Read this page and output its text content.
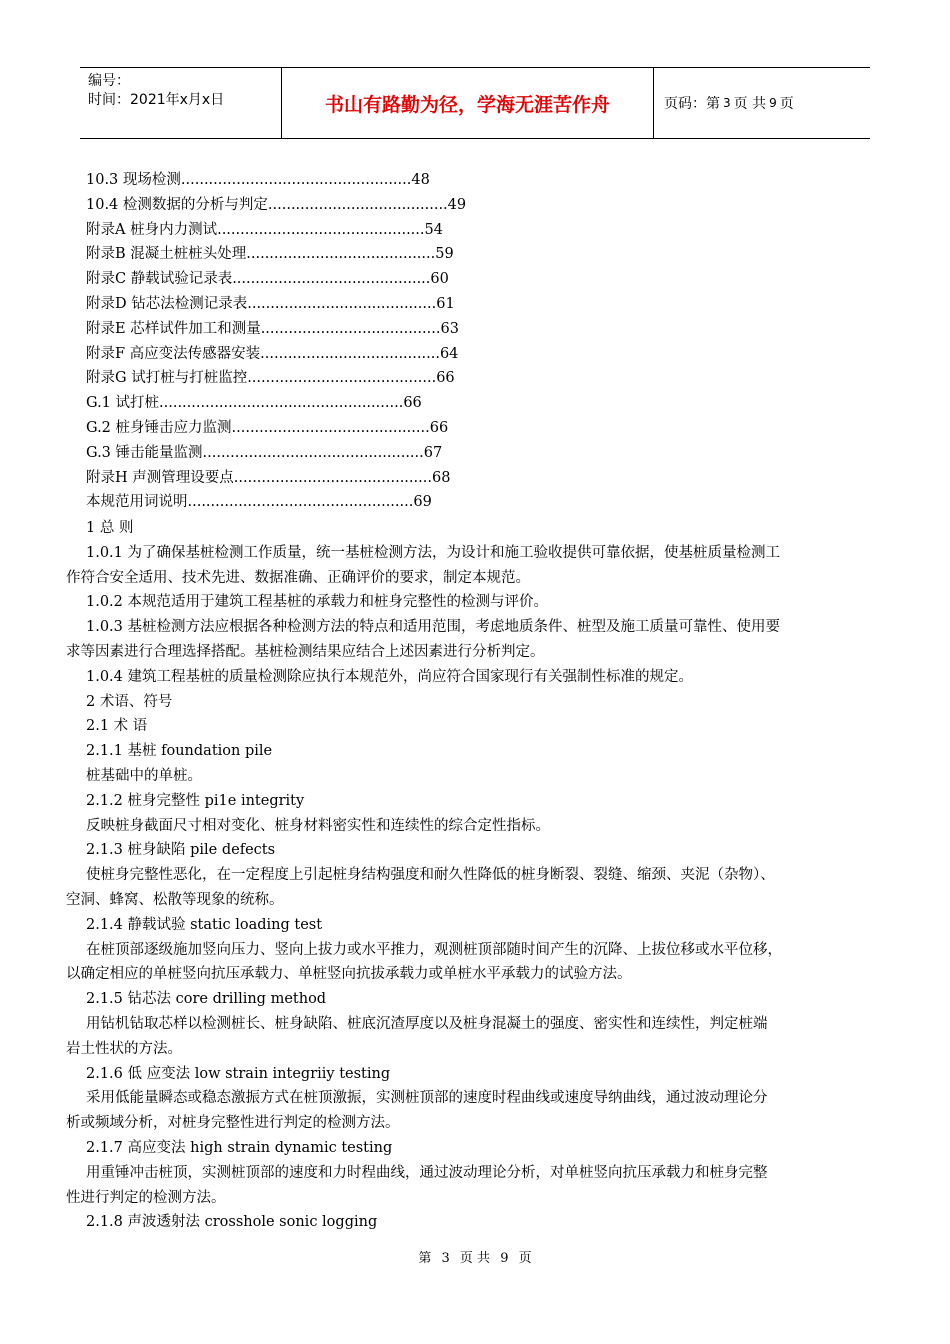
编号：
时间：2021年x月x日	书山有路勤为径，学海无涯苦作舟	页码：第 3 页 共 9 页
10.3 现场检测..................................................48
10.4 检测数据的分析与判定.......................................49
附录A 桩身内力测试.............................................54
附录B 混凝土桩桩头处理.........................................59
附录C 静载试验记录表...........................................60
附录D 钻芯法检测记录表.........................................61
附录E 芯样试件加工和测量.......................................63
附录F 高应变法传感器安装.......................................64
附录G 试打桩与打桩监控.........................................66
G.1 试打桩.....................................................66
G.2 桩身锤击应力监测...........................................66
G.3 锤击能量监测................................................67
附录H 声测管理设要点...........................................68
本规范用词说明.................................................69
1 总 则
1.0.1 为了确保基桩检测工作质量，统一基桩检测方法，为设计和施工验收提供可靠依据，使基桩质量检测工
作符合安全适用、技术先进、数据准确、正确评价的要求，制定本规范。
1.0.2 本规范适用于建筑工程基桩的承载力和桩身完整性的检测与评价。
1.0.3 基桩检测方法应根据各种检测方法的特点和适用范围，考虑地质条件、桩型及施工质量可靠性、使用要
求等因素进行合理选择搭配。基桩检测结果应结合上述因素进行分析判定。
1.0.4 建筑工程基桩的质量检测除应执行本规范外，尚应符合国家现行有关强制性标准的规定。
2 术语、符号
2.1 术 语
2.1.1 基桩 foundation pile
桩基础中的单桩。
2.1.2 桩身完整性 pi1e integrity
反映桩身截面尺寸相对变化、桩身材料密实性和连续性的综合定性指标。
2.1.3 桩身缺陷 pile defects
使桩身完整性恶化，在一定程度上引起桩身结构强度和耐久性降低的桩身断裂、裂缝、缩颈、夹泥（杂物）、
空洞、蜂窝、松散等现象的统称。
2.1.4 静载试验 static loading test
在桩顶部逐级施加竖向压力、竖向上拔力或水平推力，观测桩顶部随时间产生的沉降、上拔位移或水平位移，
以确定相应的单桩竖向抗压承载力、单桩竖向抗拔承载力或单桩水平承载力的试验方法。
2.1.5 钻芯法 core drilling method
用钻机钻取芯样以检测桩长、桩身缺陷、桩底沉渣厚度以及桩身混凝土的强度、密实性和连续性，判定桩端
岩土性状的方法。
2.1.6 低 应变法 low strain integriiy testing
采用低能量瞬态或稳态激振方式在桩顶激振，实测桩顶部的速度时程曲线或速度导纳曲线，通过波动理论分
析或频域分析，对桩身完整性进行判定的检测方法。
2.1.7 高应变法 high strain dynamic testing
用重锤冲击桩顶，实测桩顶部的速度和力时程曲线，通过波动理论分析，对单桩竖向抗压承载力和桩身完整
性进行判定的检测方法。
2.1.8 声波透射法 crosshole sonic logging
第 3 页 共 9 页
